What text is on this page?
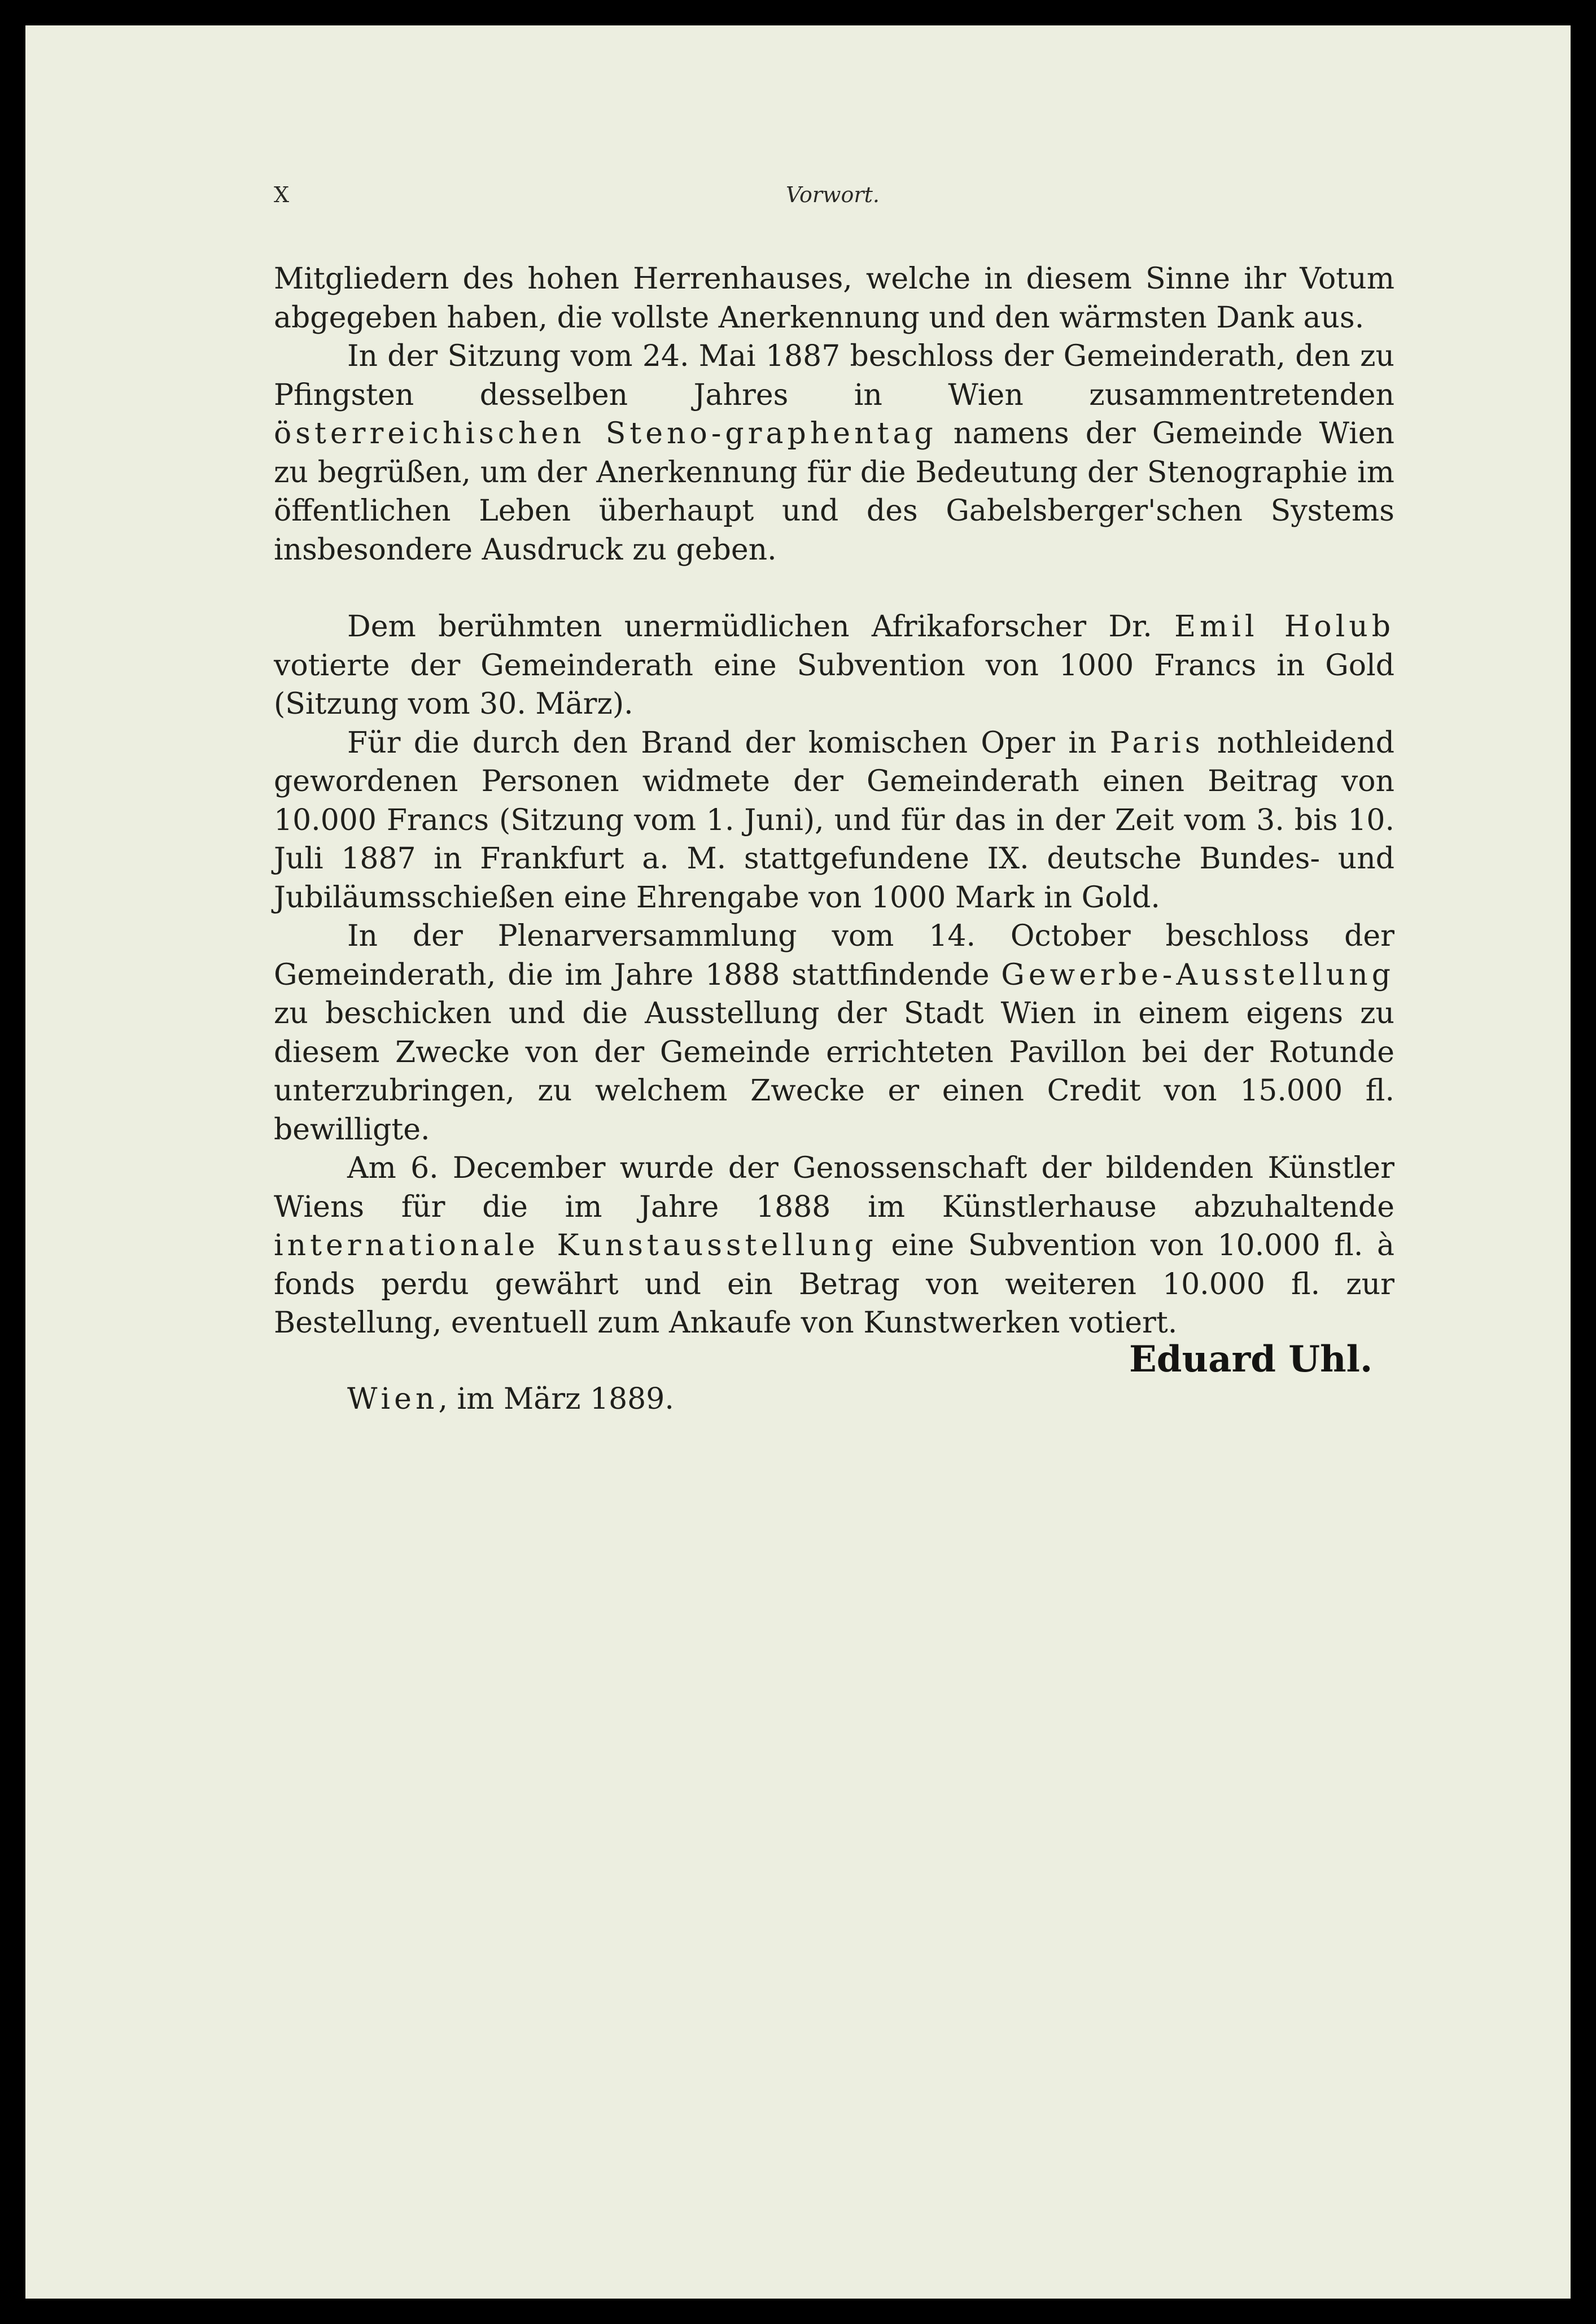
X	Vorwort.

Mitgliedern des hohen Herrenhauses, welche in diesem Sinne ihr Votum abgegeben haben, die vollste Anerkennung und den wärmsten Dank aus.

In der Sitzung vom 24. Mai 1887 beschloss der Gemeinderath, den zu Pfingsten desselben Jahres in Wien zusammentretenden österreichischen Steno-graphentag namens der Gemeinde Wien zu begrüßen, um der Anerkennung für die Bedeutung der Stenographie im öffentlichen Leben überhaupt und des Gabelsberger'schen Systems insbesondere Ausdruck zu geben.

Dem berühmten unermüdlichen Afrikaforscher Dr. Emil Holub votierte der Gemeinderath eine Subvention von 1000 Francs in Gold (Sitzung vom 30. März).

Für die durch den Brand der komischen Oper in Paris nothleidend gewordenen Personen widmete der Gemeinderath einen Beitrag von 10.000 Francs (Sitzung vom 1. Juni), und für das in der Zeit vom 3. bis 10. Juli 1887 in Frankfurt a. M. stattgefundene IX. deutsche Bundes- und Jubiläumsschießen eine Ehrengabe von 1000 Mark in Gold.

In der Plenarversammlung vom 14. October beschloss der Gemeinderath, die im Jahre 1888 stattfindende Gewerbe-Ausstellung zu beschicken und die Ausstellung der Stadt Wien in einem eigens zu diesem Zwecke von der Gemeinde errichteten Pavillon bei der Rotunde unterzubringen, zu welchem Zwecke er einen Credit von 15.000 fl. bewilligte.

Am 6. December wurde der Genossenschaft der bildenden Künstler Wiens für die im Jahre 1888 im Künstlerhause abzuhaltende internationale Kunstausstellung eine Subvention von 10.000 fl. à fonds perdu gewährt und ein Betrag von weiteren 10.000 fl. zur Bestellung, eventuell zum Ankaufe von Kunstwerken votiert.

Wien, im März 1889.

Eduard Uhl.
